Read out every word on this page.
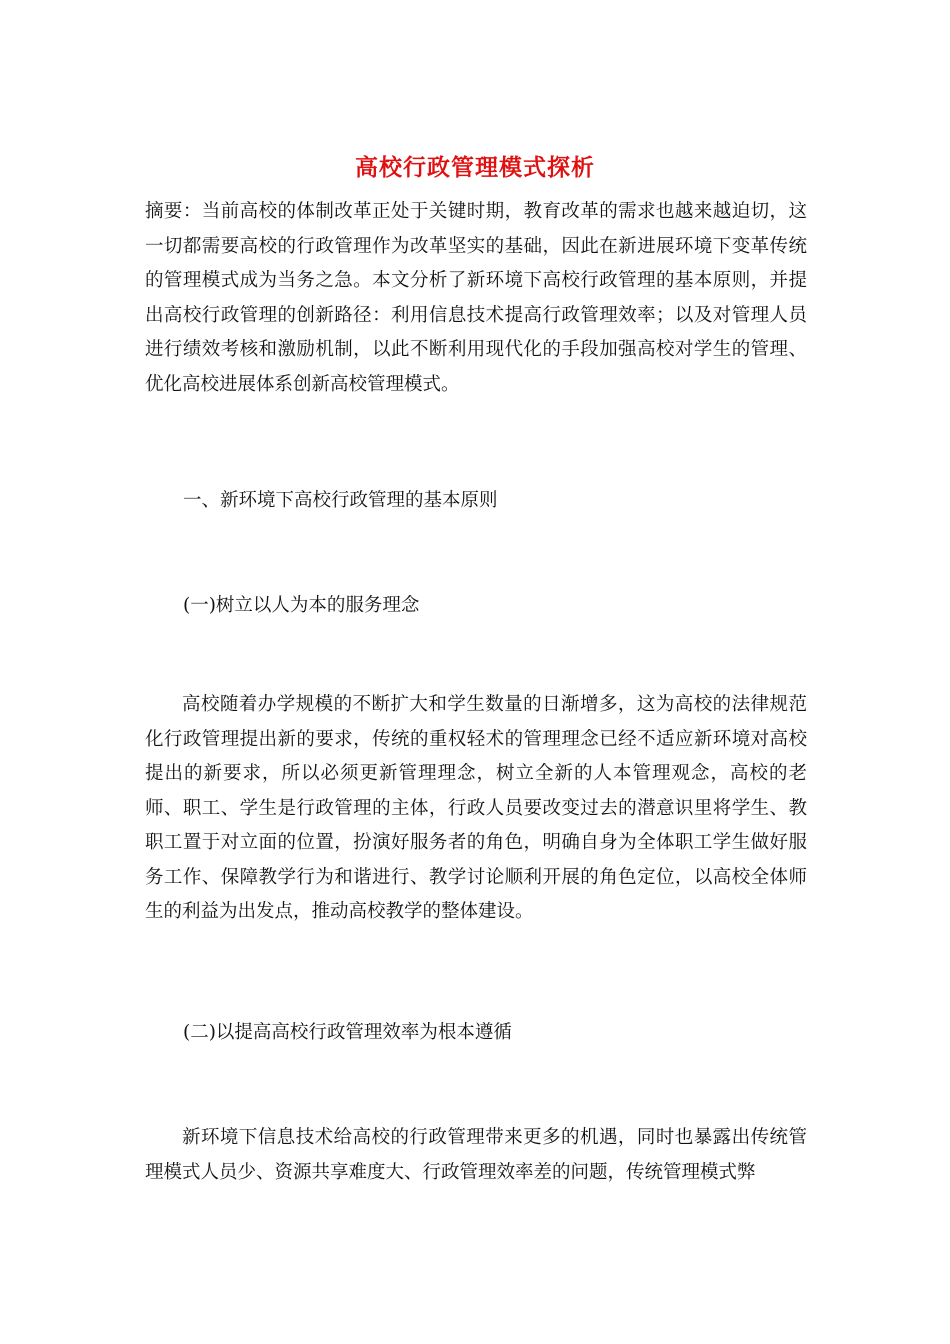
高校行政管理模式探析

摘要：当前高校的体制改革正处于关键时期，教育改革的需求也越来越迫切，这一切都需要高校的行政管理作为改革坚实的基础，因此在新进展环境下变革传统的管理模式成为当务之急。本文分析了新环境下高校行政管理的基本原则，并提出高校行政管理的创新路径：利用信息技术提高行政管理效率；以及对管理人员进行绩效考核和激励机制，以此不断利用现代化的手段加强高校对学生的管理、优化高校进展体系创新高校管理模式。

一、新环境下高校行政管理的基本原则
(一)树立以人为本的服务理念

高校随着办学规模的不断扩大和学生数量的日渐增多，这为高校的法律规范化行政管理提出新的要求，传统的重权轻术的管理理念已经不适应新环境对高校提出的新要求，所以必须更新管理理念，树立全新的人本管理观念，高校的老师、职工、学生是行政管理的主体，行政人员要改变过去的潜意识里将学生、教职工置于对立面的位置，扮演好服务者的角色，明确自身为全体职工学生做好服务工作、保障教学行为和谐进行、教学讨论顺利开展的角色定位，以高校全体师生的利益为出发点，推动高校教学的整体建设。

(二)以提高高校行政管理效率为根本遵循

新环境下信息技术给高校的行政管理带来更多的机遇，同时也暴露出传统管理模式人员少、资源共享难度大、行政管理效率差的问题，传统管理模式弊
